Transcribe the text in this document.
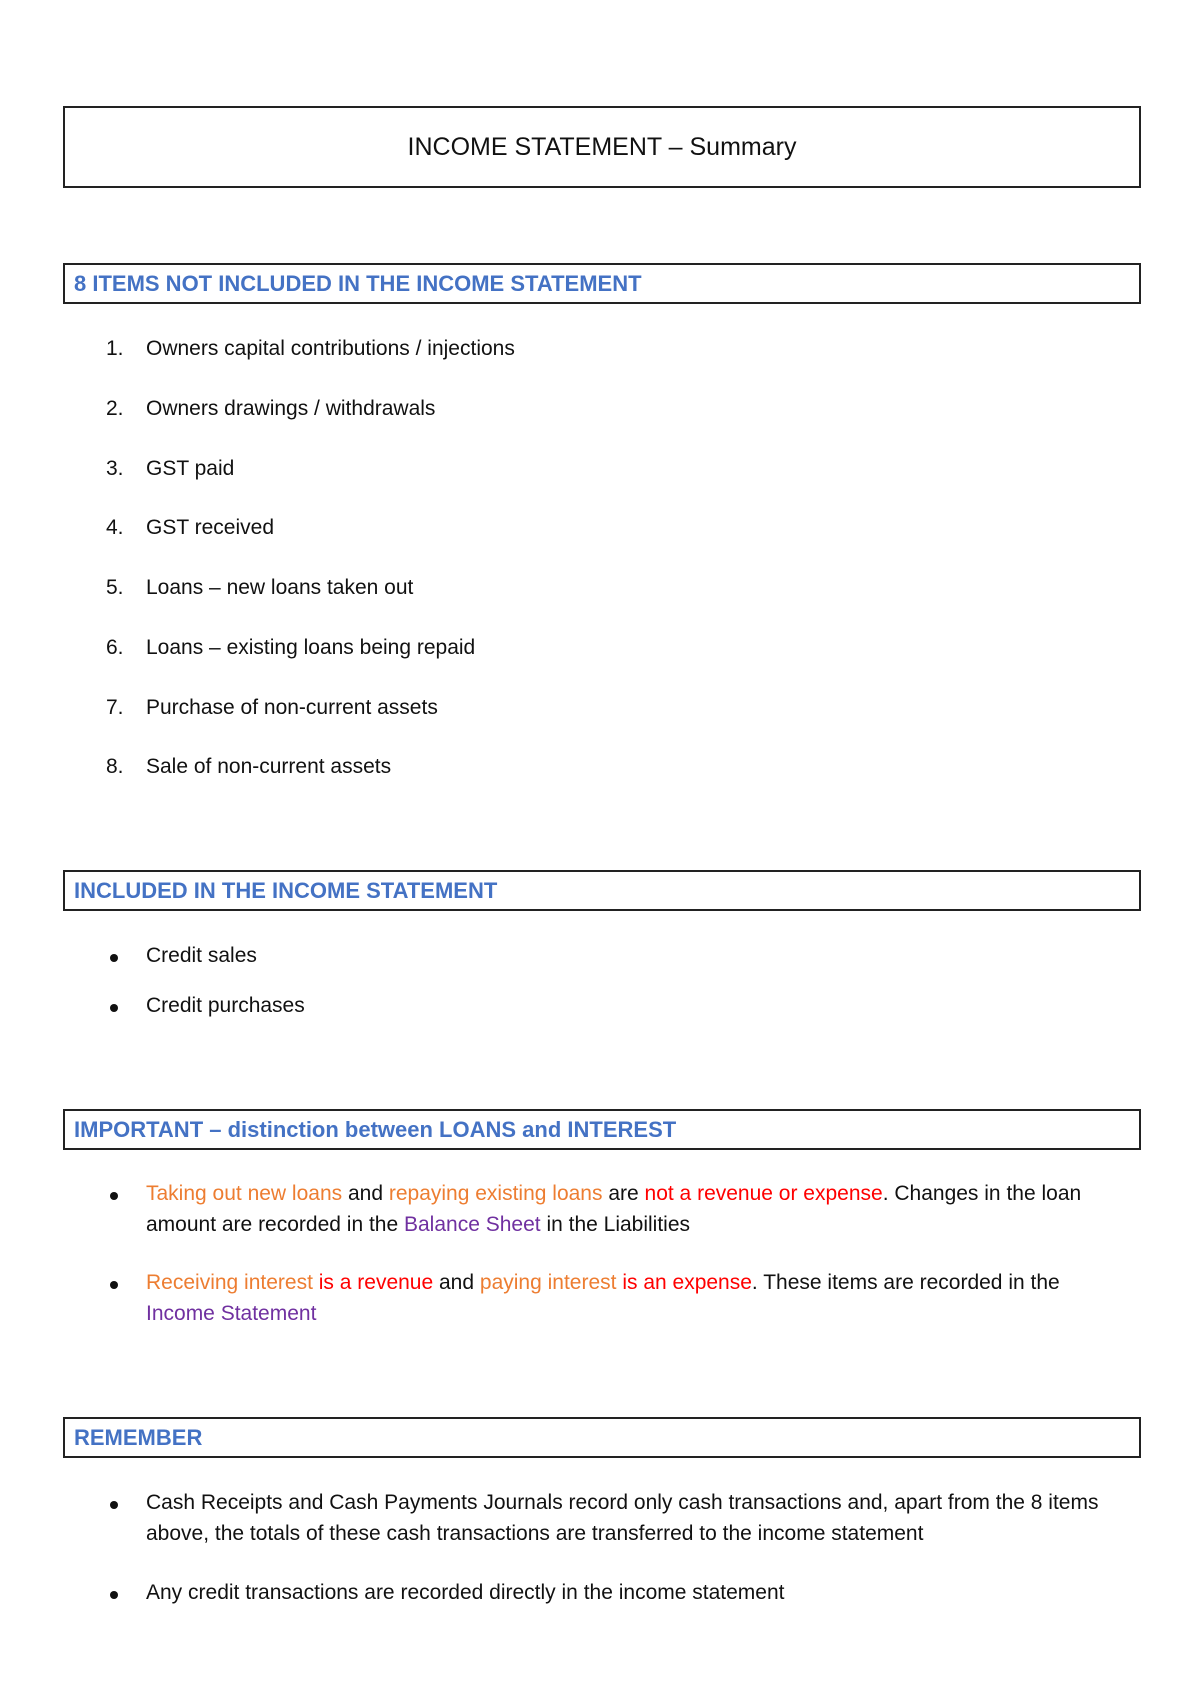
INCOME STATEMENT – Summary
8 ITEMS NOT INCLUDED IN THE INCOME STATEMENT
1.	Owners capital contributions / injections
2.	Owners drawings / withdrawals
3.	GST paid
4.	GST received
5.	Loans – new loans taken out
6.	Loans – existing loans being repaid
7.	Purchase of non-current assets
8.	Sale of non-current assets
INCLUDED IN THE INCOME STATEMENT
Credit sales
Credit purchases
IMPORTANT – distinction between LOANS and INTEREST
Taking out new loans and repaying existing loans are not a revenue or expense. Changes in the loan amount are recorded in the Balance Sheet in the Liabilities
Receiving interest is a revenue and paying interest is an expense. These items are recorded in the Income Statement
REMEMBER
Cash Receipts and Cash Payments Journals record only cash transactions and, apart from the 8 items above, the totals of these cash transactions are transferred to the income statement
Any credit transactions are recorded directly in the income statement
